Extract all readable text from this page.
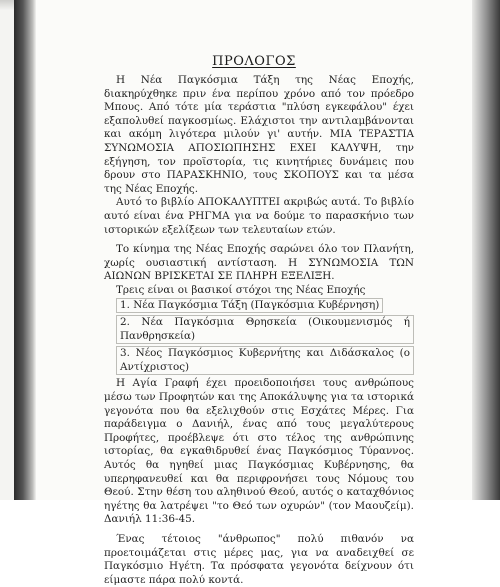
ΠΡΟΛΟΓΟΣ

Η Νέα Παγκόσμια Τάξη της Νέας Εποχής, διακηρύχθηκε πριν ένα περίπου χρόνο από τον πρόεδρο Μπους. Από τότε μία τεράστια "πλύση εγκεφάλου" έχει εξαπολυθεί παγκοσμίως. Ελάχιστοι την αντιλαμβάνονται και ακόμη λιγότερα μιλούν γι' αυτήν. ΜΙΑ ΤΕΡΑΣΤΙΑ ΣΥΝΩΜΟΣΙΑ ΑΠΟΣΙΩΠΗΣΗΣ ΕΧΕΙ ΚΑΛΥΨΗ, την εξήγηση, τον προϊστορία, τις κινητήριες δυνάμεις που δρουν στο ΠΑΡΑΣΚΗΝΙΟ, τους ΣΚΟΠΟΥΣ και τα μέσα της Νέας Εποχής.

Αυτό το βιβλίο ΑΠΟΚΑΛΥΠΤΕΙ ακριβώς αυτά. Το βιβλίο αυτό είναι ένα ΡΗΓΜΑ για να δούμε το παρασκήνιο των ιστορικών εξελίξεων των τελευταίων ετών.

Το κίνημα της Νέας Εποχής σαρώνει όλο τον Πλανήτη, χωρίς ουσιαστική αντίσταση. Η ΣΥΝΩΜΟΣΙΑ ΤΩΝ ΑΙΩΝΩΝ ΒΡΙΣΚΕΤΑΙ ΣΕ ΠΛΗΡΗ ΕΞΕΛΙΞΗ.

Τρεις είναι οι βασικοί στόχοι της Νέας Εποχής

1. Νέα Παγκόσμια Τάξη (Παγκόσμια Κυβέρνηση)
2. Νέα Παγκόσμια Θρησκεία (Οικουμενισμός ή Πανθρησκεία)
3. Νέος Παγκόσμιος Κυβερνήτης και Διδάσκαλος (ο Αντίχριστος)

Η Αγία Γραφή έχει προειδοποιήσει τους ανθρώπους μέσω των Προφητών και της Αποκάλυψης για τα ιστορικά γεγονότα που θα εξελιχθούν στις Εσχάτες Μέρες. Για παράδειγμα ο Δανιήλ, ένας από τους μεγαλύτερους Προφήτες, προέβλεψε ότι στο τέλος της ανθρώπινης ιστορίας, θα εγκαθιδρυθεί ένας Παγκόσμιος Τύραννος. Αυτός θα ηγηθεί μιας Παγκόσμιας Κυβέρνησης, θα υπερηφανευθεί και θα περιφρονήσει τους Νόμους του Θεού. Στην θέση του αληθινού Θεού, αυτός ο καταχθόνιος ηγέτης θα λατρέψει "το Θεό των οχυρών" (τον Μαουζείμ). Δανιήλ 11:36-45.

Ένας τέτοιος "άνθρωπος" πολύ πιθανόν να προετοιμάζεται στις μέρες μας, για να αναδειχθεί σε Παγκόσμιο Ηγέτη. Τα πρόσφατα γεγονότα δείχνουν ότι είμαστε πάρα πολύ κοντά.
